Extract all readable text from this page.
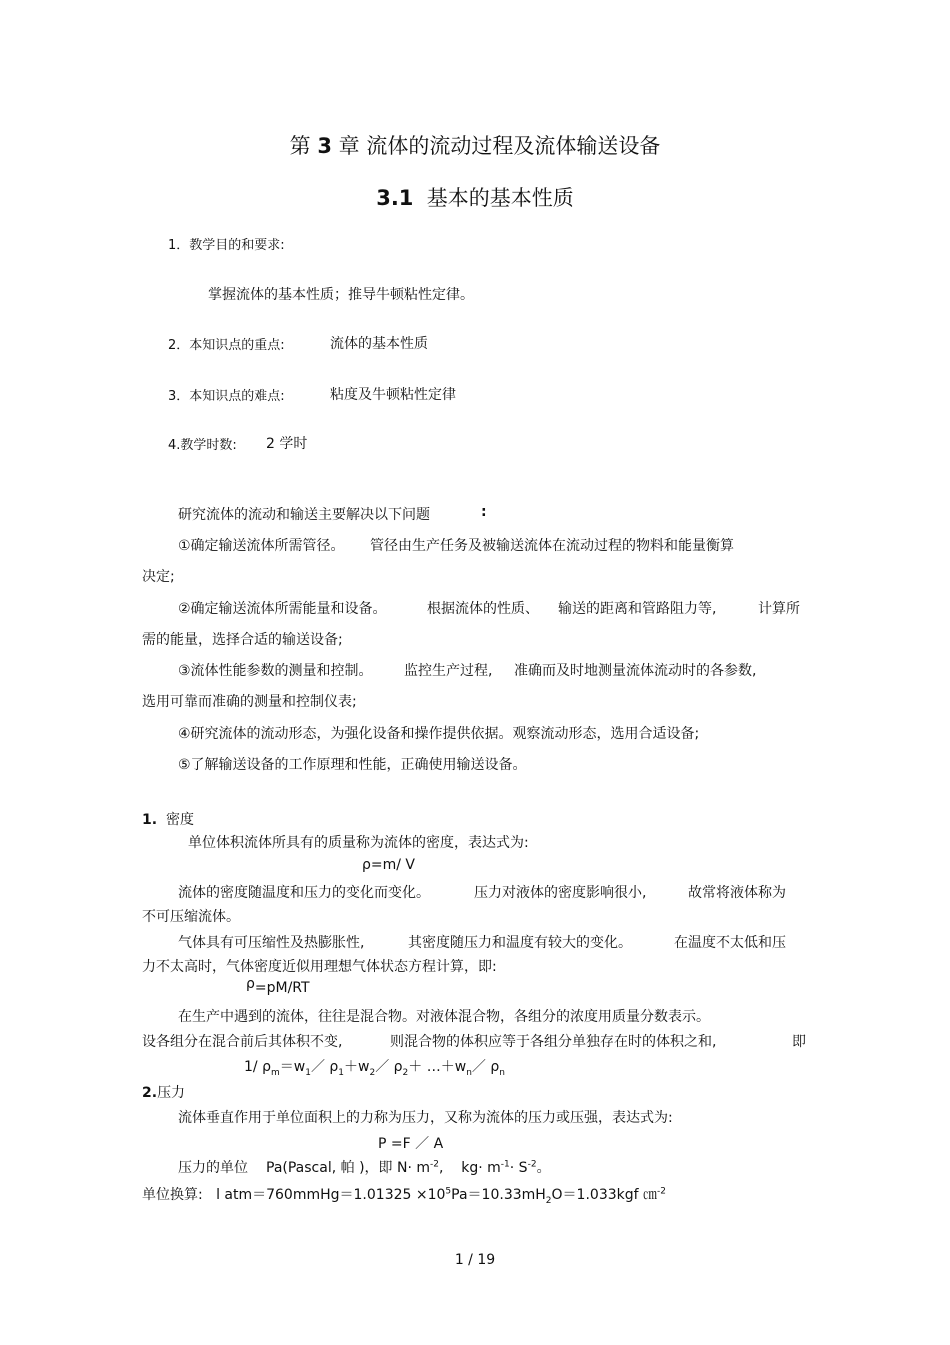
第 3 章 流体的流动过程及流体输送设备
3.1 基本的基本性质
1．教学目的和要求:
掌握流体的基本性质；推导牛顿粘性定律。
2．本知识点的重点:	流体的基本性质
3．本知识点的难点:	粘度及牛顿粘性定律
4.教学时数: 2 学时
研究流体的流动和输送主要解决以下问题	:
①确定输送流体所需管径。 管径由生产任务及被输送流体在流动过程的物料和能量衡算
决定;
②确定输送流体所需能量和设备。	根据流体的性质、 输送的距离和管路阻力等,	计算所
需的能量，选择合适的输送设备;
③流体性能参数的测量和控制。 监控生产过程, 准确而及时地测量流体流动时的各参数,
选用可靠而准确的测量和控制仪表;
④研究流体的流动形态，为强化设备和操作提供依据。观察流动形态，选用合适设备;
⑤了解输送设备的工作原理和性能，正确使用输送设备。
1. 密度
单位体积流体所具有的质量称为流体的密度，表达式为:
ρ=m/ V
流体的密度随温度和压力的变化而变化。	压力对液体的密度影响很小,	故常将液体称为
不可压缩流体。
气体具有可压缩性及热膨胀性,	其密度随压力和温度有较大的变化。	在温度不太低和压
力不太高时，气体密度近似用理想气体状态方程计算，即:
ρ=pM/RT
在生产中遇到的流体，往往是混合物。对液体混合物，各组分的浓度用质量分数表示。
设各组分在混合前后其体积不变,	则混合物的体积应等于各组分单独存在时的体积之和,	即
1/ $\rho_m=w_1/$ $\rho_1+w_2/$ $\rho_2+$ $\dots+w_n/$ $\rho_n$
2.压力
流体垂直作用于单位面积上的力称为压力，又称为流体的压力或压强，表达式为:
P =F ／ A
压力的单位 Pa(Pascal, 帕 )，即 $N\cdot m^{-2}$,    $kg\cdot m^{-1}\cdot S^{-2}$。
单位换算:   l atm＝760mmHg＝1.01325 $\times 10^5Pa=10.33mH_2O=1.033kgf$ ㎝$^{-2}$
1 / 19
